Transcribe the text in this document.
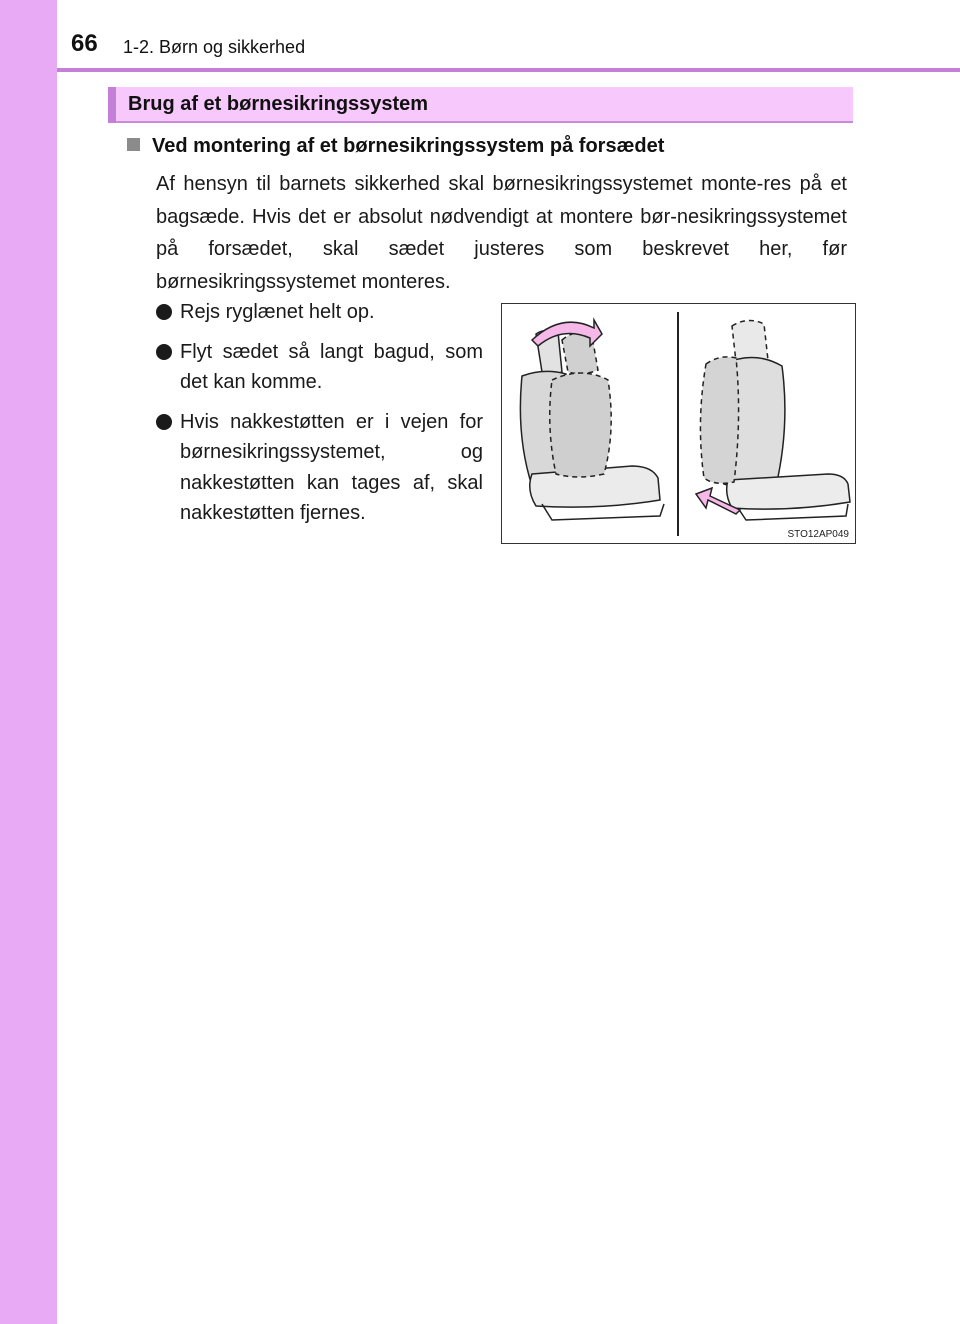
66 1-2. Børn og sikkerhed
Brug af et børnesikringssystem
Ved montering af et børnesikringssystem på forsædet
Af hensyn til barnets sikkerhed skal børnesikringssystemet monte-res på et bagsæde. Hvis det er absolut nødvendigt at montere bør-nesikringssystemet på forsædet, skal sædet justeres som beskrevet her, før børnesikringssystemet monteres.
Rejs ryglænet helt op.
Flyt sædet så langt bagud, som det kan komme.
Hvis nakkestøtten er i vejen for børnesikringssystemet, og nakkestøtten kan tages af, skal nakkestøtten fjernes.
STO12AP049
